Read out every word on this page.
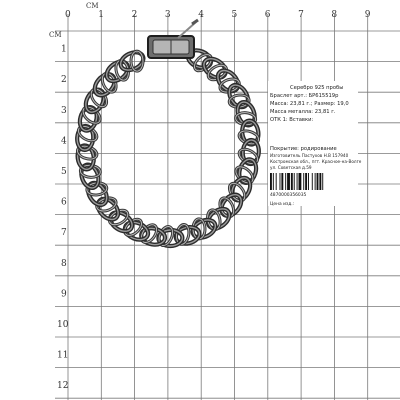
0	1	2	3	4	5	6	7	8	9
1
2
3
4
5
6
7
8
9
10
11
12
СМ
СМ
Серебро 925 пробы
Браслет арт.: БР615519р
Масса: 23,81 г.; Размер: 19,0
Масса металла: 23,81 г.
ОТК 1: Вставки:
Покрытие: родирование
Изготовитель Пастухов Н.В 157940
Костромская обл., пгт. Красное-на-Волге
ул. Советская д.59
4870000356035
Цена изд.:
